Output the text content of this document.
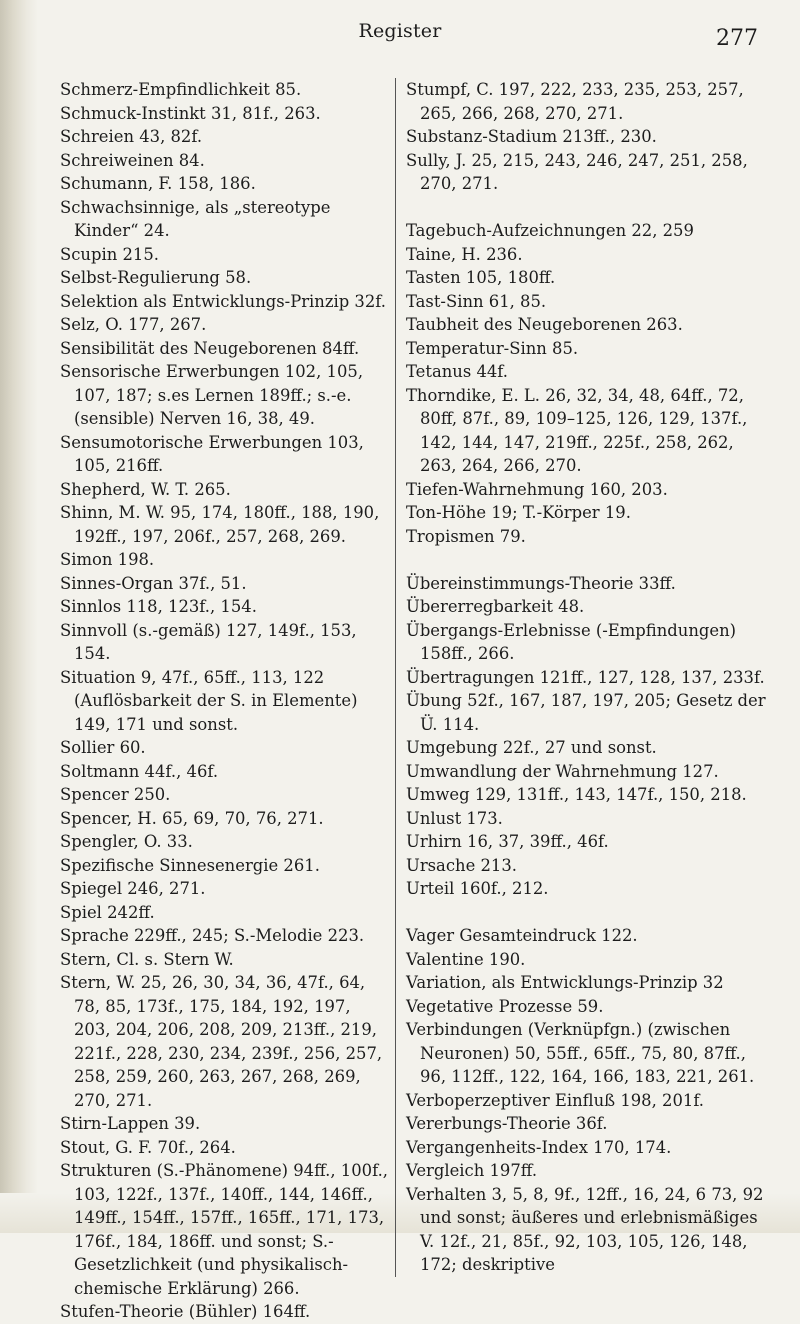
Register	277

Schmerz-Empfindlichkeit 85.

Schmuck-Instinkt 31, 81f., 263.

Schreien 43, 82f.

Schreiweinen 84.

Schumann, F. 158, 186.

Schwachsinnige, als „stereotype Kinder“ 24.

Scupin 215.

Selbst-Regulierung 58.

Selektion als Entwicklungs-Prinzip 32f.

Selz, O. 177, 267.

Sensibilität des Neugeborenen 84ff.

Sensorische Erwerbungen 102, 105, 107, 187; s.es Lernen 189ff.; s.-e. (sensible) Nerven 16, 38, 49.

Sensumotorische Erwerbungen 103, 105, 216ff.

Shepherd, W. T. 265.

Shinn, M. W. 95, 174, 180ff., 188, 190, 192ff., 197, 206f., 257, 268, 269.

Simon 198.

Sinnes-Organ 37f., 51.

Sinnlos 118, 123f., 154.

Sinnvoll (s.-gemäß) 127, 149f., 153, 154.

Situation 9, 47f., 65ff., 113, 122 (Auflösbarkeit der S. in Elemente) 149, 171 und sonst.

Sollier 60.

Soltmann 44f., 46f.

Spencer 250.

Spencer, H. 65, 69, 70, 76, 271.

Spengler, O. 33.

Spezifische Sinnesenergie 261.

Spiegel 246, 271.

Spiel 242ff.

Sprache 229ff., 245; S.-Melodie 223.

Stern, Cl. s. Stern W.

Stern, W. 25, 26, 30, 34, 36, 47f., 64, 78, 85, 173f., 175, 184, 192, 197, 203, 204, 206, 208, 209, 213ff., 219, 221f., 228, 230, 234, 239f., 256, 257, 258, 259, 260, 263, 267, 268, 269, 270, 271.

Stirn-Lappen 39.

Stout, G. F. 70f., 264.

Strukturen (S.-Phänomene) 94ff., 100f., 103, 122f., 137f., 140ff., 144, 146ff., 149ff., 154ff., 157ff., 165ff., 171, 173, 176f., 184, 186ff. und sonst; S.-Gesetzlichkeit (und physikalisch-chemische Erklärung) 266.

Stufen-Theorie (Bühler) 164ff.

Stumpf, C. 197, 222, 233, 235, 253, 257, 265, 266, 268, 270, 271.

Substanz-Stadium 213ff., 230.

Sully, J. 25, 215, 243, 246, 247, 251, 258, 270, 271.

Tagebuch-Aufzeichnungen 22, 259

Taine, H. 236.

Tasten 105, 180ff.

Tast-Sinn 61, 85.

Taubheit des Neugeborenen 263.

Temperatur-Sinn 85.

Tetanus 44f.

Thorndike, E. L. 26, 32, 34, 48, 64ff., 72, 80ff, 87f., 89, 109–125, 126, 129, 137f., 142, 144, 147, 219ff., 225f., 258, 262, 263, 264, 266, 270.

Tiefen-Wahrnehmung 160, 203.

Ton-Höhe 19; T.-Körper 19.

Tropismen 79.

Übereinstimmungs-Theorie 33ff.

Übererregbarkeit 48.

Übergangs-Erlebnisse (-Empfindungen) 158ff., 266.

Übertragungen 121ff., 127, 128, 137, 233f.

Übung 52f., 167, 187, 197, 205; Gesetz der Ü. 114.

Umgebung 22f., 27 und sonst.

Umwandlung der Wahrnehmung 127.

Umweg 129, 131ff., 143, 147f., 150, 218.

Unlust 173.

Urhirn 16, 37, 39ff., 46f.

Ursache 213.

Urteil 160f., 212.

Vager Gesamteindruck 122.

Valentine 190.

Variation, als Entwicklungs-Prinzip 32

Vegetative Prozesse 59.

Verbindungen (Verknüpfgn.) (zwischen Neuronen) 50, 55ff., 65ff., 75, 80, 87ff., 96, 112ff., 122, 164, 166, 183, 221, 261.

Verboperzeptiver Einfluß 198, 201f.

Vererbungs-Theorie 36f.

Vergangenheits-Index 170, 174.

Vergleich 197ff.

Verhalten 3, 5, 8, 9f., 12ff., 16, 24, 6 73, 92 und sonst; äußeres und erlebnismäßiges V. 12f., 21, 85f., 92, 103, 105, 126, 148, 172; deskriptive
